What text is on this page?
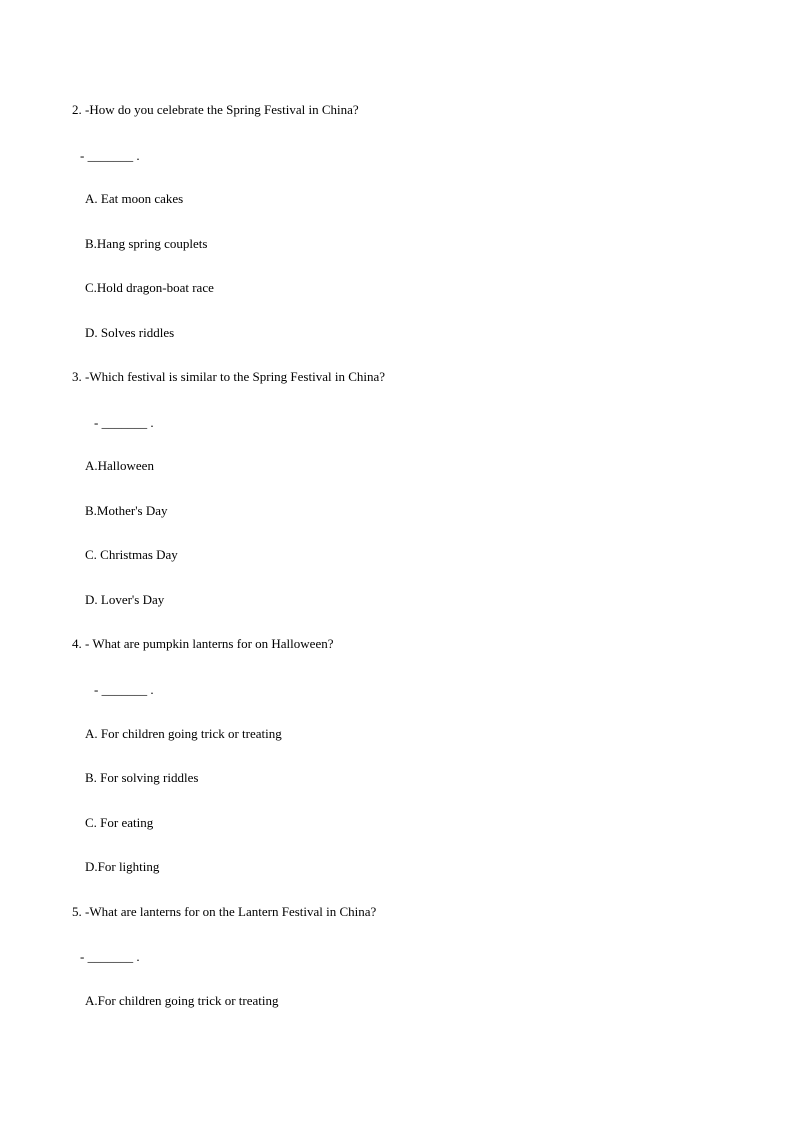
2. -How do you celebrate the Spring Festival in China?
- _______ .
A. Eat moon cakes
B.Hang spring couplets
C.Hold dragon-boat race
D. Solves riddles
3. -Which festival is similar to the Spring Festival in China?
- _______ .
A.Halloween
B.Mother's Day
C. Christmas Day
D. Lover's Day
4. - What are pumpkin lanterns for on Halloween?
- _______ .
A. For children going trick or treating
B. For solving riddles
C. For eating
D.For lighting
5. -What are lanterns for on the Lantern Festival in China?
- _______ .
A.For children going trick or treating
